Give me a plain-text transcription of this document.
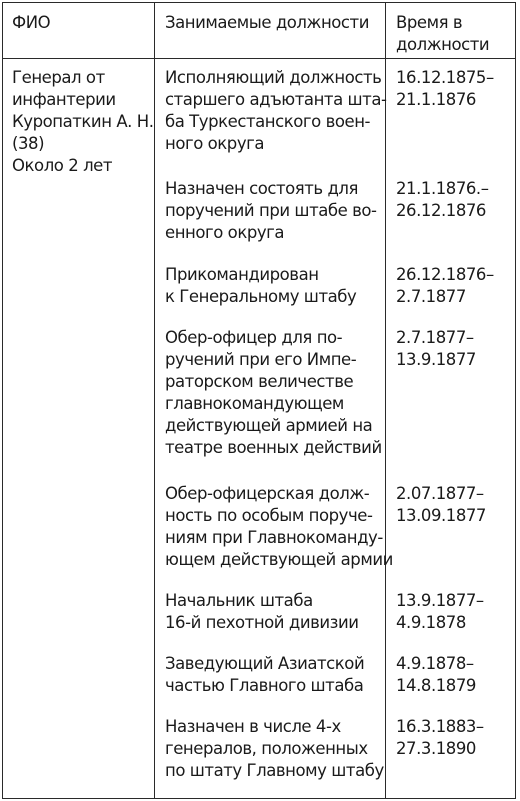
ФИО	Занимаемые должности Время в
должности

Генерал от
инфантерии
Куропаткин А. Н.
(38)
Около 2 лет

Исполняющий должность
старшего адъютанта шта-
ба Туркестанского воен-
ного округа

16.12.1875–
21.1.1876

Назначен состоять для
поручений при штабе во-
енного округа

21.1.1876.–
26.12.1876

Прикомандирован
к Генеральному штабу

26.12.1876–
2.7.1877

Обер-офицер для по-
ручений при его Импе-
раторском величестве
главнокомандующем
действующей армией на
театре военных действий

2.7.1877–
13.9.1877

Обер-офицерская долж-
ность по особым поруче-
ниям при Главнокоманду-
ющем действующей армии

2.07.1877–
13.09.1877

Начальник штаба
16-й пехотной дивизии

13.9.1877–
4.9.1878

Заведующий Азиатской
частью Главного штаба

4.9.1878–
14.8.1879

Назначен в числе 4-х
генералов, положенных
по штату Главному штабу

16.3.1883–
27.3.1890
